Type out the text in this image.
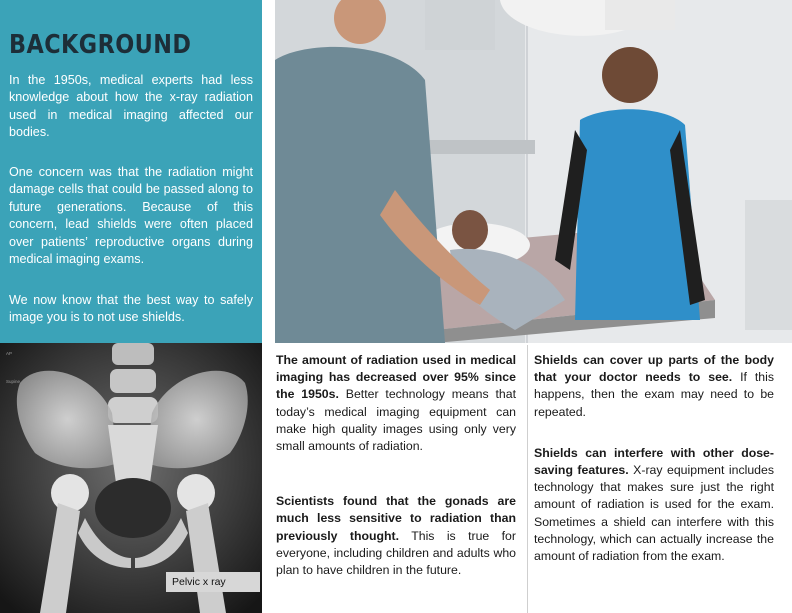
BACKGROUND

In the 1950s, medical experts had less knowledge about how the x-ray radiation used in medical imaging affected our bodies.

One concern was that the radiation might damage cells that could be passed along to future generations. Because of this concern, lead shields were often placed over patients’ reproductive organs during medical imaging exams.

We now know that the best way to safely image you is to not use shields.

AP
Supine
Pelvic x ray

The amount of radiation used in medical imaging has decreased over 95% since the 1950s. Better technology means that today’s medical imaging equipment can make high quality images using only very small amounts of radiation.

Scientists found that the gonads are much less sensitive to radiation than previously thought. This is true for everyone, including children and adults who plan to have children in the future.

Shields can cover up parts of the body that your doctor needs to see. If this happens, then the exam may need to be repeated.

Shields can interfere with other dose-saving features. X-ray equipment includes technology that makes sure just the right amount of radiation is used for the exam. Sometimes a shield can interfere with this technology, which can actually increase the amount of radiation from the exam.
